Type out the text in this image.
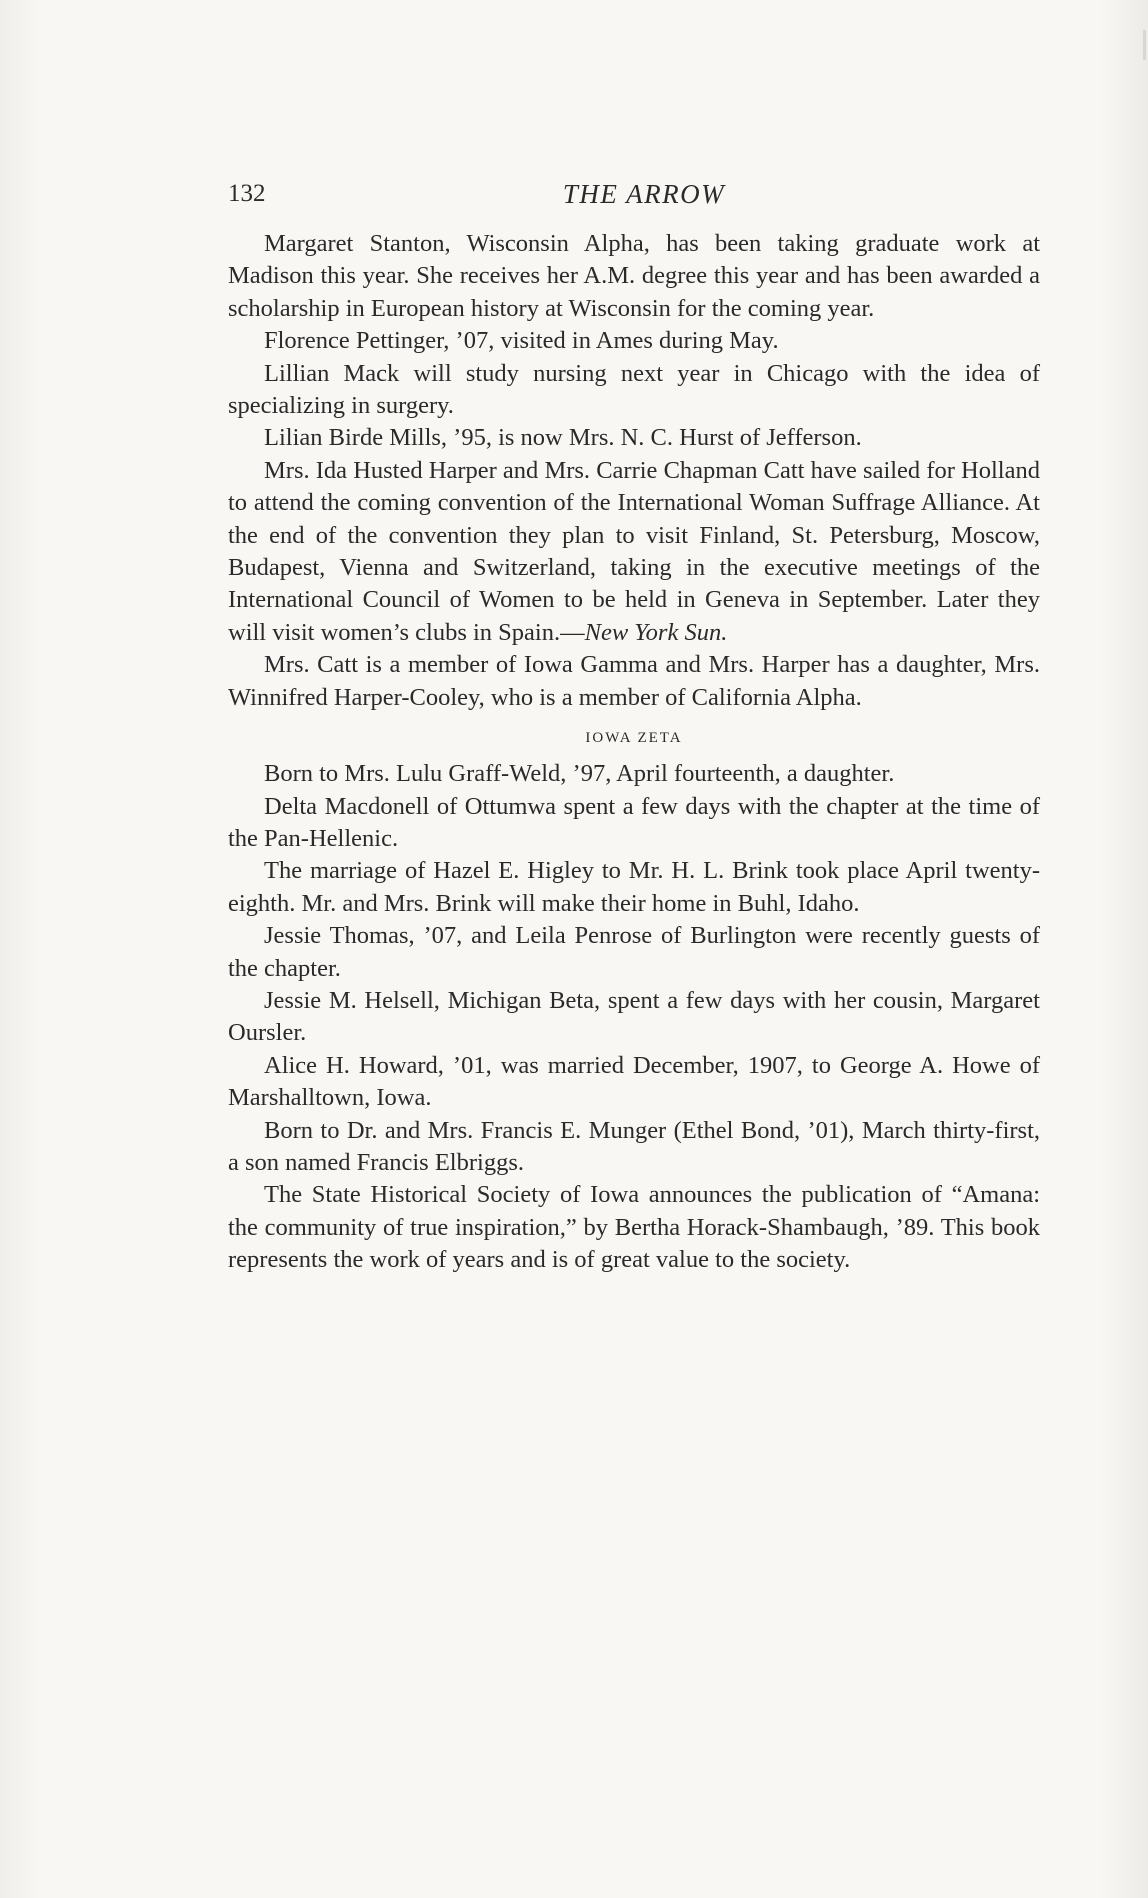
132	THE ARROW

Margaret Stanton, Wisconsin Alpha, has been taking graduate work at Madison this year. She receives her A.M. degree this year and has been awarded a scholarship in European history at Wisconsin for the coming year.

Florence Pettinger, ’07, visited in Ames during May.

Lillian Mack will study nursing next year in Chicago with the idea of specializing in surgery.

Lilian Birde Mills, ’95, is now Mrs. N. C. Hurst of Jefferson.

Mrs. Ida Husted Harper and Mrs. Carrie Chapman Catt have sailed for Holland to attend the coming convention of the International Woman Suffrage Alliance. At the end of the convention they plan to visit Finland, St. Petersburg, Moscow, Budapest, Vienna and Switzerland, taking in the executive meetings of the International Council of Women to be held in Geneva in September. Later they will visit women’s clubs in Spain.—New York Sun.

Mrs. Catt is a member of Iowa Gamma and Mrs. Harper has a daughter, Mrs. Winnifred Harper-Cooley, who is a member of California Alpha.

IOWA ZETA

Born to Mrs. Lulu Graff-Weld, ’97, April fourteenth, a daughter.

Delta Macdonell of Ottumwa spent a few days with the chapter at the time of the Pan-Hellenic.

The marriage of Hazel E. Higley to Mr. H. L. Brink took place April twenty-eighth. Mr. and Mrs. Brink will make their home in Buhl, Idaho.

Jessie Thomas, ’07, and Leila Penrose of Burlington were recently guests of the chapter.

Jessie M. Helsell, Michigan Beta, spent a few days with her cousin, Margaret Oursler.

Alice H. Howard, ’01, was married December, 1907, to George A. Howe of Marshalltown, Iowa.

Born to Dr. and Mrs. Francis E. Munger (Ethel Bond, ’01), March thirty-first, a son named Francis Elbriggs.

The State Historical Society of Iowa announces the publication of “Amana: the community of true inspiration,” by Bertha Horack-Shambaugh, ’89. This book represents the work of years and is of great value to the society.
